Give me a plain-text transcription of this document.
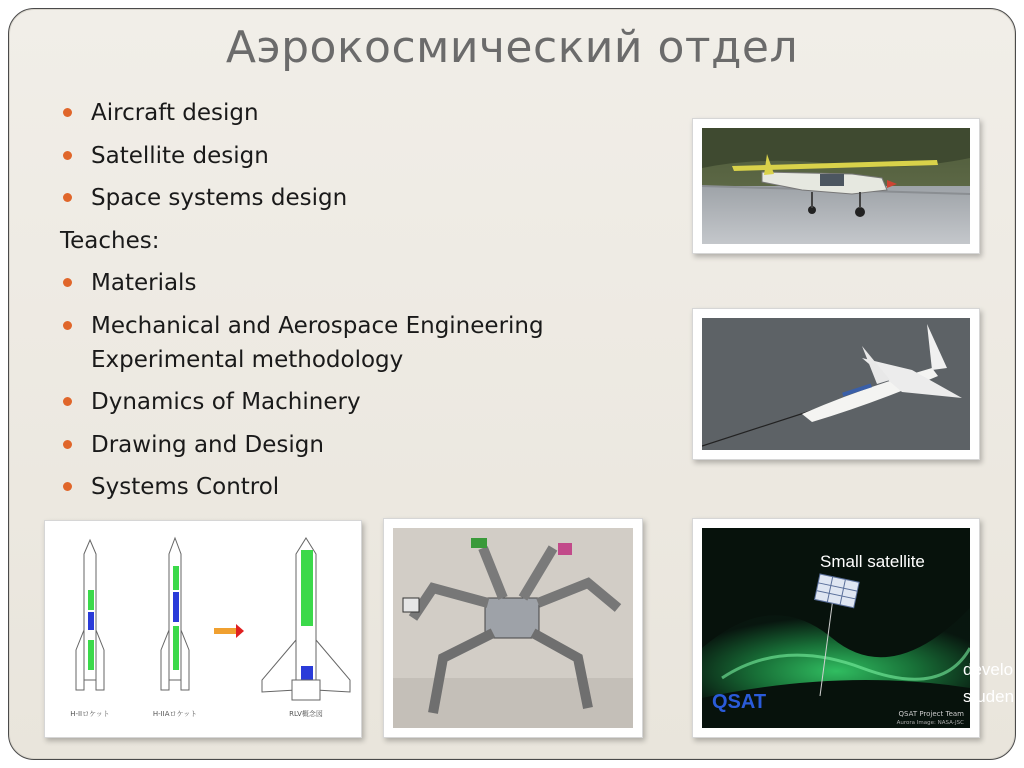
Аэрокосмический отдел
Aircraft design
Satellite design
Space systems design
Teaches:
Materials
Mechanical and Aerospace Engineering Experimental methodology
Dynamics of Machinery
Drawing and Design
Systems Control
H-IIロケット	H-IIAロケット	RLV概念図
QSAT
QSAT Project Team
Aurora Image: NASA-JSC
Small satellite
develo
studen
